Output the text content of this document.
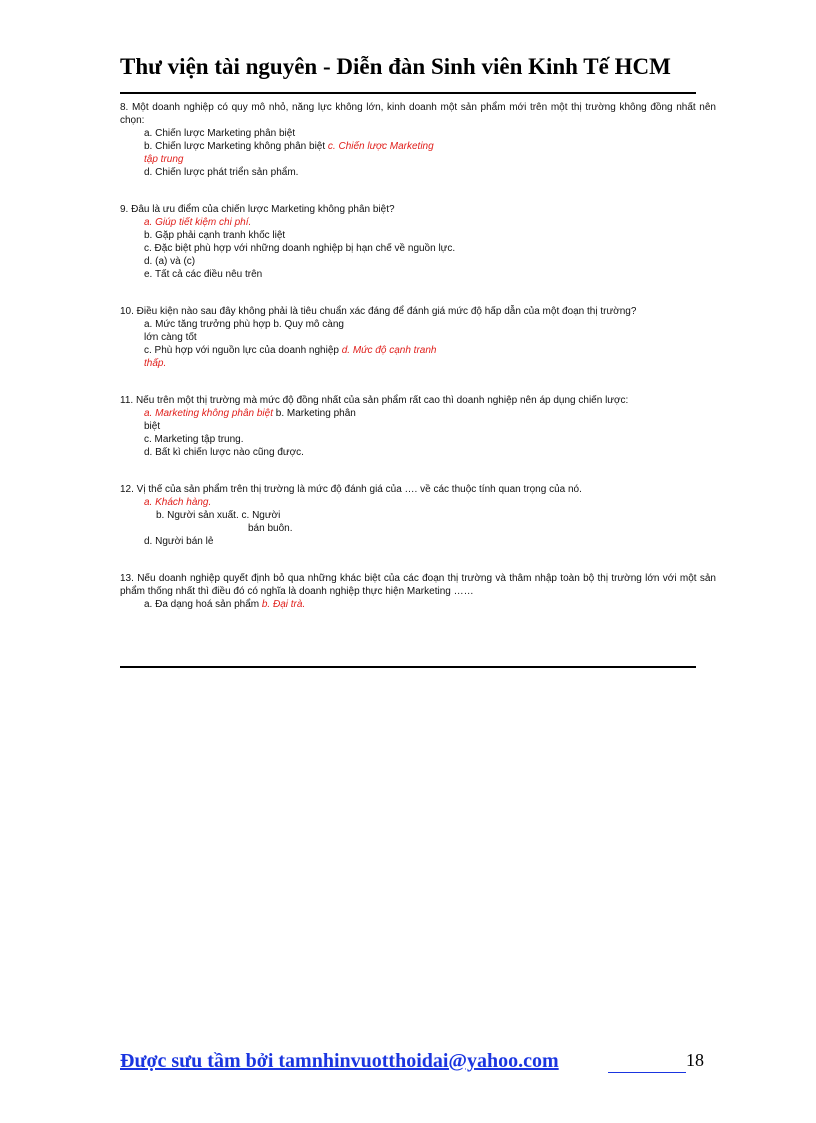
Thư viện tài nguyên - Diễn đàn Sinh viên Kinh Tế HCM
8. Một doanh nghiệp có quy mô nhỏ, năng lực không lớn, kinh doanh một sản phẩm mới trên một thị trường không đồng nhất nên chọn:
a. Chiến lược Marketing phân biệt
b. Chiến lược Marketing không phân biệt c. Chiến lược Marketing
tập trung
d. Chiến lược phát triển sản phẩm.
9. Đâu là ưu điểm của chiến lược Marketing không phân biệt?
a. Giúp tiết kiệm chi phí.
b. Gặp phải cạnh tranh khốc liệt
c. Đặc biệt phù hợp với những doanh nghiệp bị hạn chế về nguồn lực.
d. (a) và (c)
e. Tất cả các điều nêu trên
10. Điều kiện nào sau đây không phải là tiêu chuẩn xác đáng để đánh giá mức độ hấp dẫn của một đoạn thị trường?
a. Mức tăng trưởng phù hợp b. Quy mô càng
lớn càng tốt
c. Phù hợp với nguồn lực của doanh nghiệp d. Mức độ cạnh tranh
thấp.
11. Nếu trên một thị trường mà mức độ đồng nhất của sản phẩm rất cao thì doanh nghiệp nên áp dụng chiến lược:
a. Marketing không phân biệt b. Marketing phân
biệt
c. Marketing tập trung.
d. Bất kì chiến lược nào cũng được.
12. Vị thế của sản phẩm trên thị trường là mức độ đánh giá của …. về các thuộc tính quan trọng của nó.
a. Khách hàng.
b. Người sản xuất. c. Người
bán buôn.
d. Người bán lẻ
13. Nếu doanh nghiệp quyết định bỏ qua những khác biệt của các đoạn thị trường và thâm nhập toàn bộ thị trường lớn với một sản phẩm thống nhất thì điều đó có nghĩa là doanh nghiệp thực hiện Marketing ……
a. Đa dạng hoá sản phẩm b. Đại trà.
Được sưu tầm bởi tamnhinvuotthoidai@yahoo.com	18
